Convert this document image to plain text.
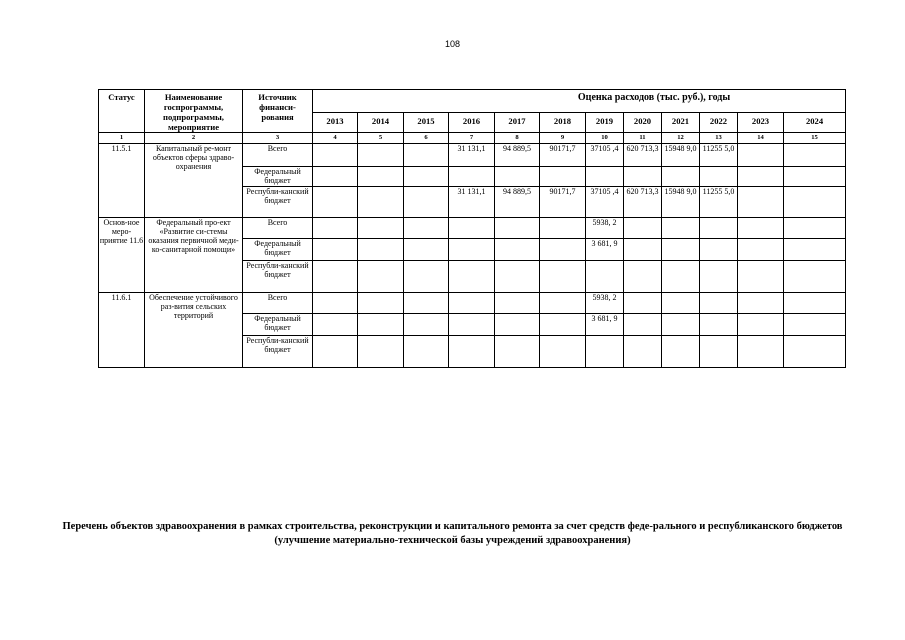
108
Статус	Наименование госпрограммы, подпрограммы, мероприятие	Источник финанси-рования	Оценка расходов (тыс. руб.), годы											
			2013	2014	2015	2016	2017	2018	2019	2020	2021	2022	2023	2024
1	2	3	4	5	6	7	8	9	10	11	12	13	14	15
11.5.1	Капитальный ре-монт объектов сферы здраво-охранения	Всего				31 131,1	94 889,5	90171,7	37105 ,4	620 713,3	15948 9,0	11255 5,0		
		Федеральный бюджет												
		Республи-канский бюджет				31 131,1	94 889,5	90171,7	37105 ,4	620 713,3	15948 9,0	11255 5,0		
Основ-ное меро-приятие 11.6	Федеральный про-ект «Развитие си-стемы оказания первичной меди-ко-санитарной помощи»	Всего							5938, 2					
		Федеральный бюджет							3 681, 9					
		Республи-канский бюджет												
11.6.1	Обеспечение устойчивого раз-вития сельских территорий	Всего							5938, 2					
		Федеральный бюджет							3 681, 9					
		Республи-канский бюджет												
Перечень объектов здравоохранения в рамках строительства, реконструкции и капитального ремонта за счет средств феде-рального и республиканского бюджетов (улучшение материально-технической базы учреждений здравоохранения)
